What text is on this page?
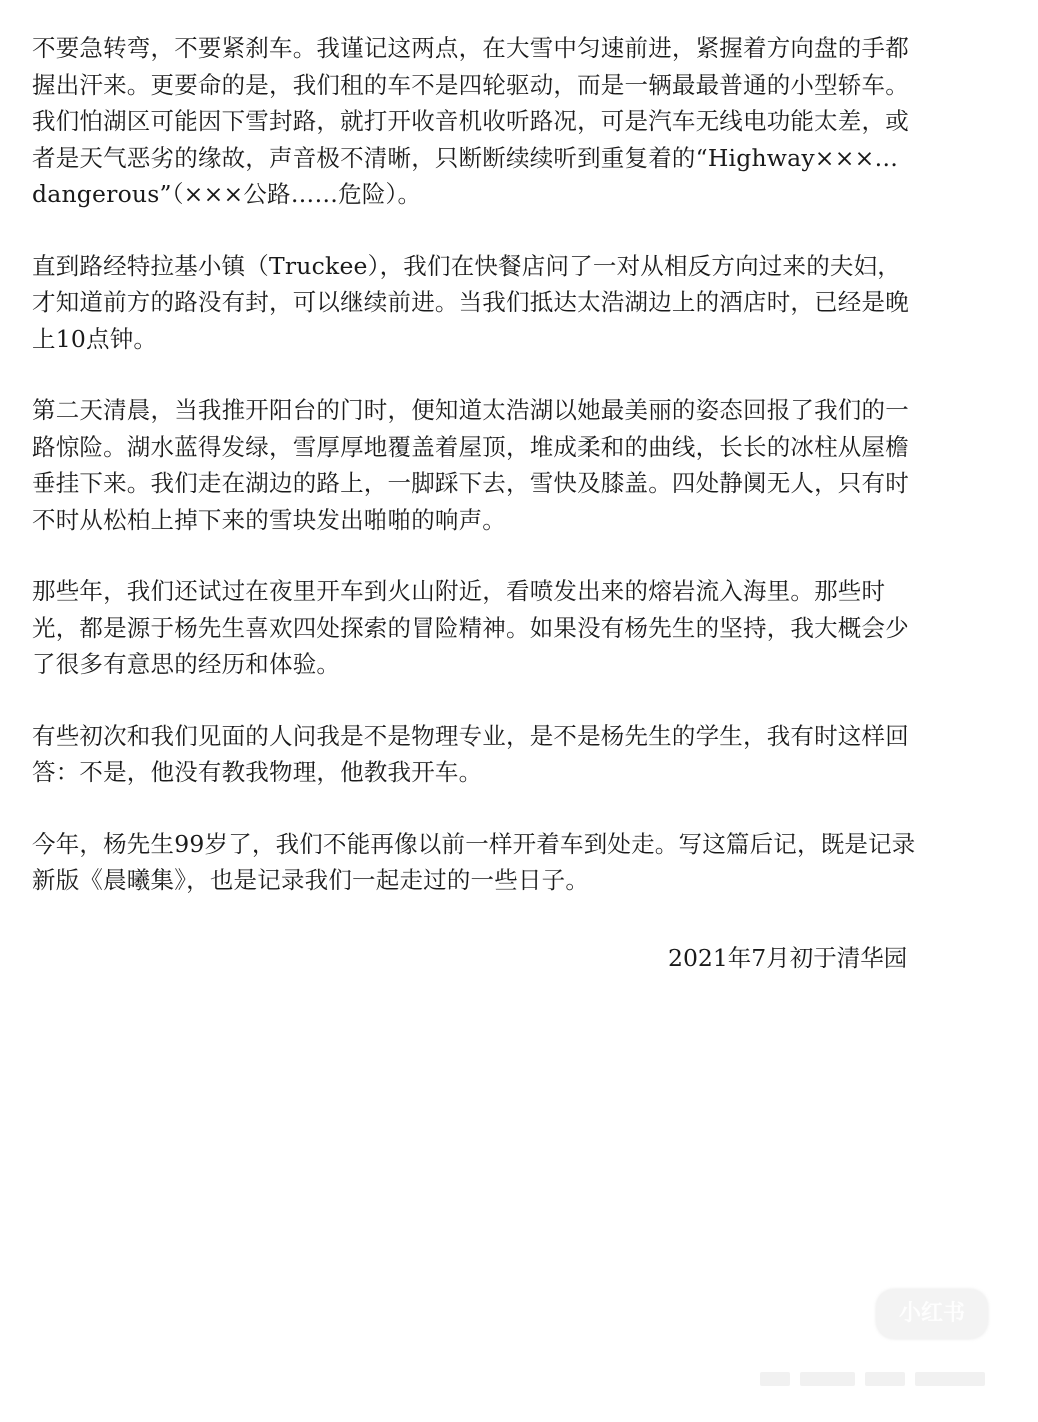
不要急转弯，不要紧刹车。我谨记这两点，在大雪中匀速前进，紧握着方向盘的手都
握出汗来。更要命的是，我们租的车不是四轮驱动，而是一辆最最普通的小型轿车。
我们怕湖区可能因下雪封路，就打开收音机收听路况，可是汽车无线电功能太差，或
者是天气恶劣的缘故，声音极不清晰，只断断续续听到重复着的“Highway×××…
dangerous”（×××公路……危险）。

直到路经特拉基小镇（Truckee），我们在快餐店问了一对从相反方向过来的夫妇，
才知道前方的路没有封，可以继续前进。当我们抵达太浩湖边上的酒店时，已经是晚
上10点钟。

第二天清晨，当我推开阳台的门时，便知道太浩湖以她最美丽的姿态回报了我们的一
路惊险。湖水蓝得发绿，雪厚厚地覆盖着屋顶，堆成柔和的曲线，长长的冰柱从屋檐
垂挂下来。我们走在湖边的路上，一脚踩下去，雪快及膝盖。四处静阒无人，只有时
不时从松柏上掉下来的雪块发出啪啪的响声。

那些年，我们还试过在夜里开车到火山附近，看喷发出来的熔岩流入海里。那些时
光，都是源于杨先生喜欢四处探索的冒险精神。如果没有杨先生的坚持，我大概会少
了很多有意思的经历和体验。

有些初次和我们见面的人问我是不是物理专业，是不是杨先生的学生，我有时这样回
答：不是，他没有教我物理，他教我开车。

今年，杨先生99岁了，我们不能再像以前一样开着车到处走。写这篇后记，既是记录
新版《晨曦集》，也是记录我们一起走过的一些日子。

2021年7月初于清华园
小红书
